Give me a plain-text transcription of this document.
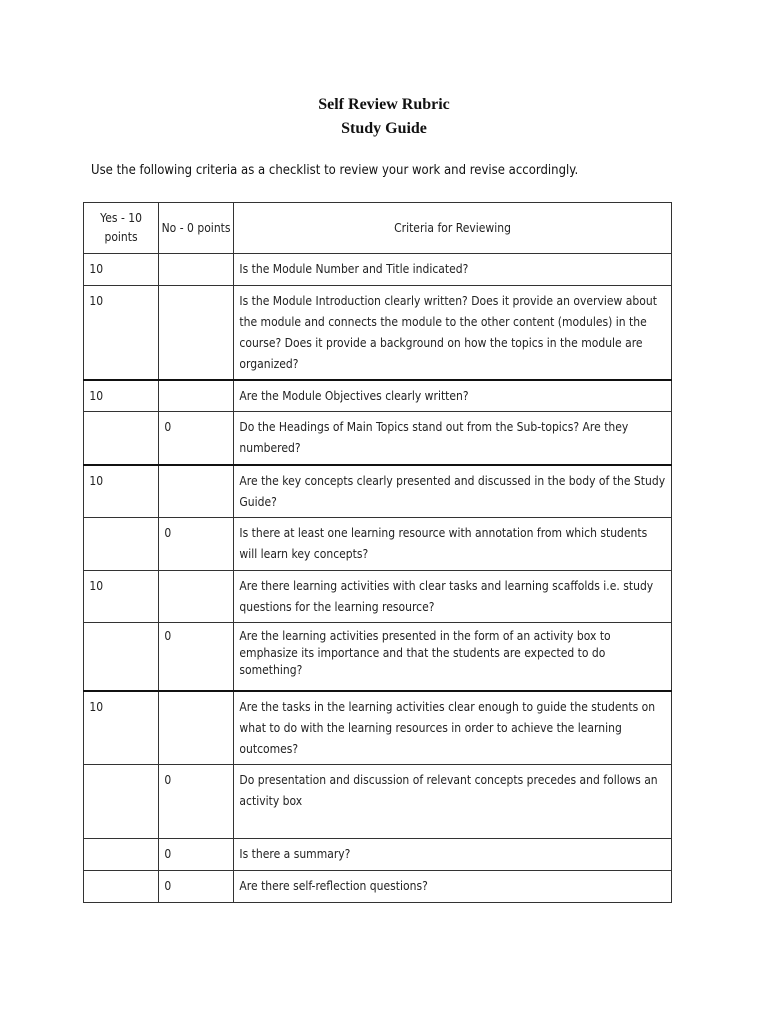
Self Review Rubric

Study Guide

Use the following criteria as a checklist to review your work and revise accordingly.
Yes - 10 points	No - 0 points	Criteria for Reviewing

10		Is the Module Number and Title indicated?

10		Is the Module Introduction clearly written? Does it provide an overview about the module and connects the module to the other content (modules) in the course? Does it provide a background on how the topics in the module are organized?

10		Are the Module Objectives clearly written?

	0	Do the Headings of Main Topics stand out from the Sub-topics? Are they numbered?

10		Are the key concepts clearly presented and discussed in the body of the Study Guide?

	0	Is there at least one learning resource with annotation from which students will learn key concepts?

10		Are there learning activities with clear tasks and learning scaffolds i.e. study questions for the learning resource?

	0	Are the learning activities presented in the form of an activity box to emphasize its importance and that the students are expected to do something?

10		Are the tasks in the learning activities clear enough to guide the students on what to do with the learning resources in order to achieve the learning outcomes?

	0	Do presentation and discussion of relevant concepts precedes and follows an activity box

	0	Is there a summary?

	0	Are there self-reflection questions?
